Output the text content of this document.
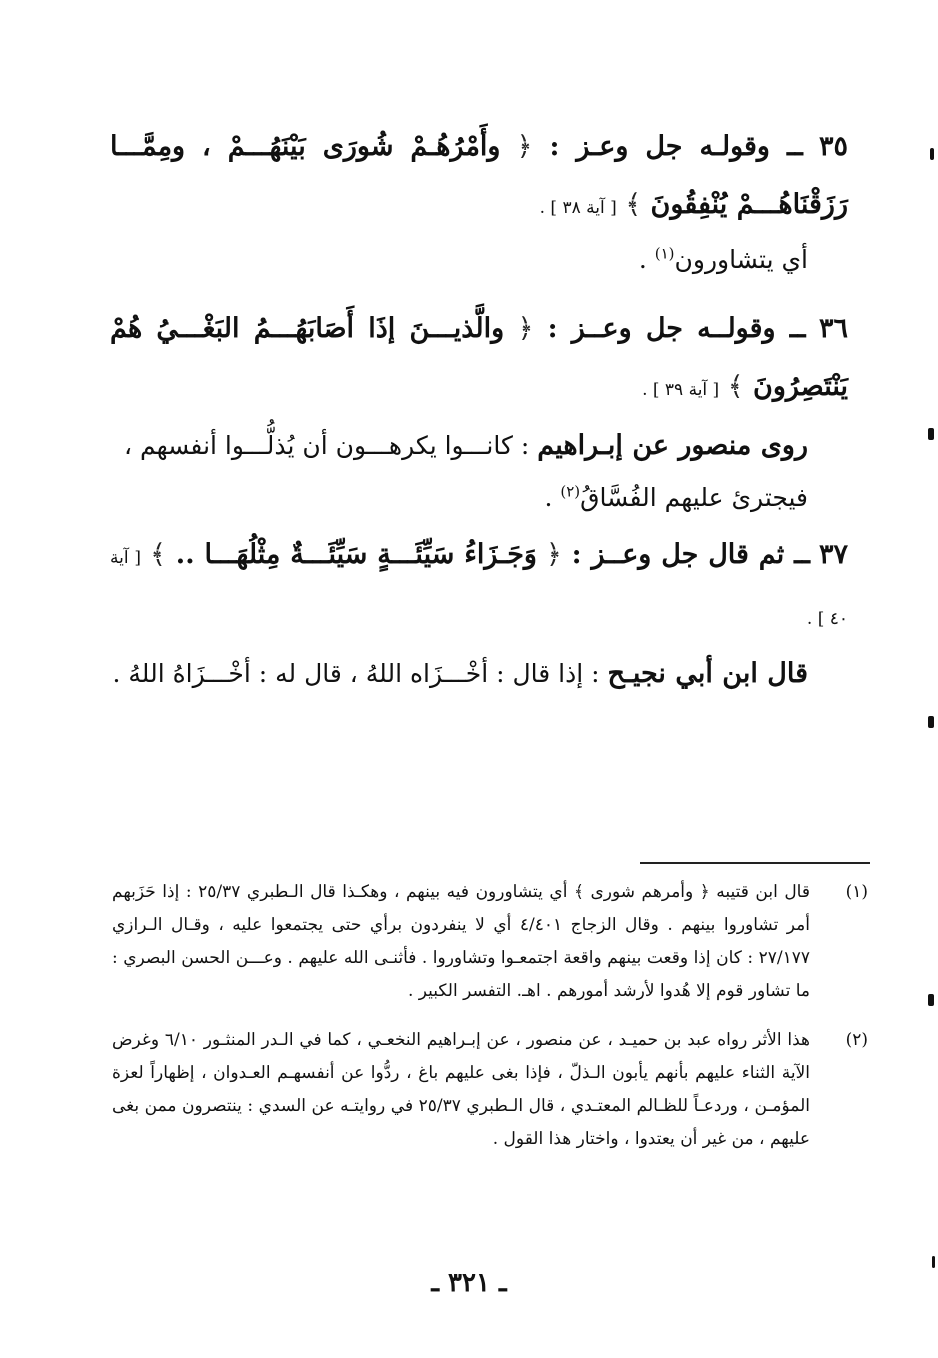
٣٥ ــ وقولـه جل وعـز : ﴿ وأَمْرُهُـمْ شُورَى بَيْنَهُـــمْ ، ومِمَّـــا رَزَقْنَاهُـــمْ يُنْفِقُونَ ﴾ [ آية ٣٨ ] .

أي يتشاورون$^{(١)}$ .

٣٦ ــ وقولــه جل وعــز : ﴿ والَّذيـــنَ إذَا أَصَابَهُـــمُ البَغْـــيُ هُمْ يَنْتَصِرُونَ ﴾ [ آية ٣٩ ] .

روى منصور عن إبـراهيم : كانـــوا يكرهـــون أن يُذلُّـــوا أنفسهم ، فيجترئ عليهم الفُسَّاقُ$^{(٢)}$ .

٣٧ ــ ثم قال جل وعــز : ﴿ وَجَـزَاءُ سَيِّئَـــةٍ سَيِّئَـــةٌ مِثْلُهَـــا .. ﴾ [ آية ٤٠ ] .

قال ابن أبي نجيـح : إذا قال : أخْـــزَاه اللهُ ، قال له : أخْـــزَاهُ اللهُ .

(١)

قال ابن قتيبه ﴿ وأمرهم شورى ﴾ أي يتشاورون فيه بينهم ، وهكـذا قال الـطبري ٢٥/٣٧ : إذا حَزَبهم أمر تشاوروا بينهم . وقال الزجاج ٤/٤٠١ أي لا ينفردون برأي حتى يجتمعوا عليه ، وقـال الـرازي ٢٧/١٧٧ : كان إذا وقعت بينهم واقعة اجتمعـوا وتشاوروا . فأثنـى الله عليهم . وعـــن الحسن البصري : ما تشاور قوم إلا هُدوا لأرشد أمورهم . اهـ. التفسر الكبير .

(٢)

هذا الأثر رواه عبد بن حميـد ، عن منصور ، عن إبـراهيم النخعـي ، كما في الـدر المنثـور ٦/١٠ وغرض الآية الثناء عليهم بأنهم يأبون الـذلّ ، فإذا بغى عليهم باغ ، ردُّوا عن أنفسهـم العـدوان ، إظهاراً لعزة المؤمـن ، وردعـاً للظـالم المعتـدي ، قال الـطبري ٢٥/٣٧ في روايتـه عن السدي : ينتصرون ممن بغى عليهم ، من غير أن يعتدوا ، واختار هذا القول .

ـ ٣٢١ ـ
